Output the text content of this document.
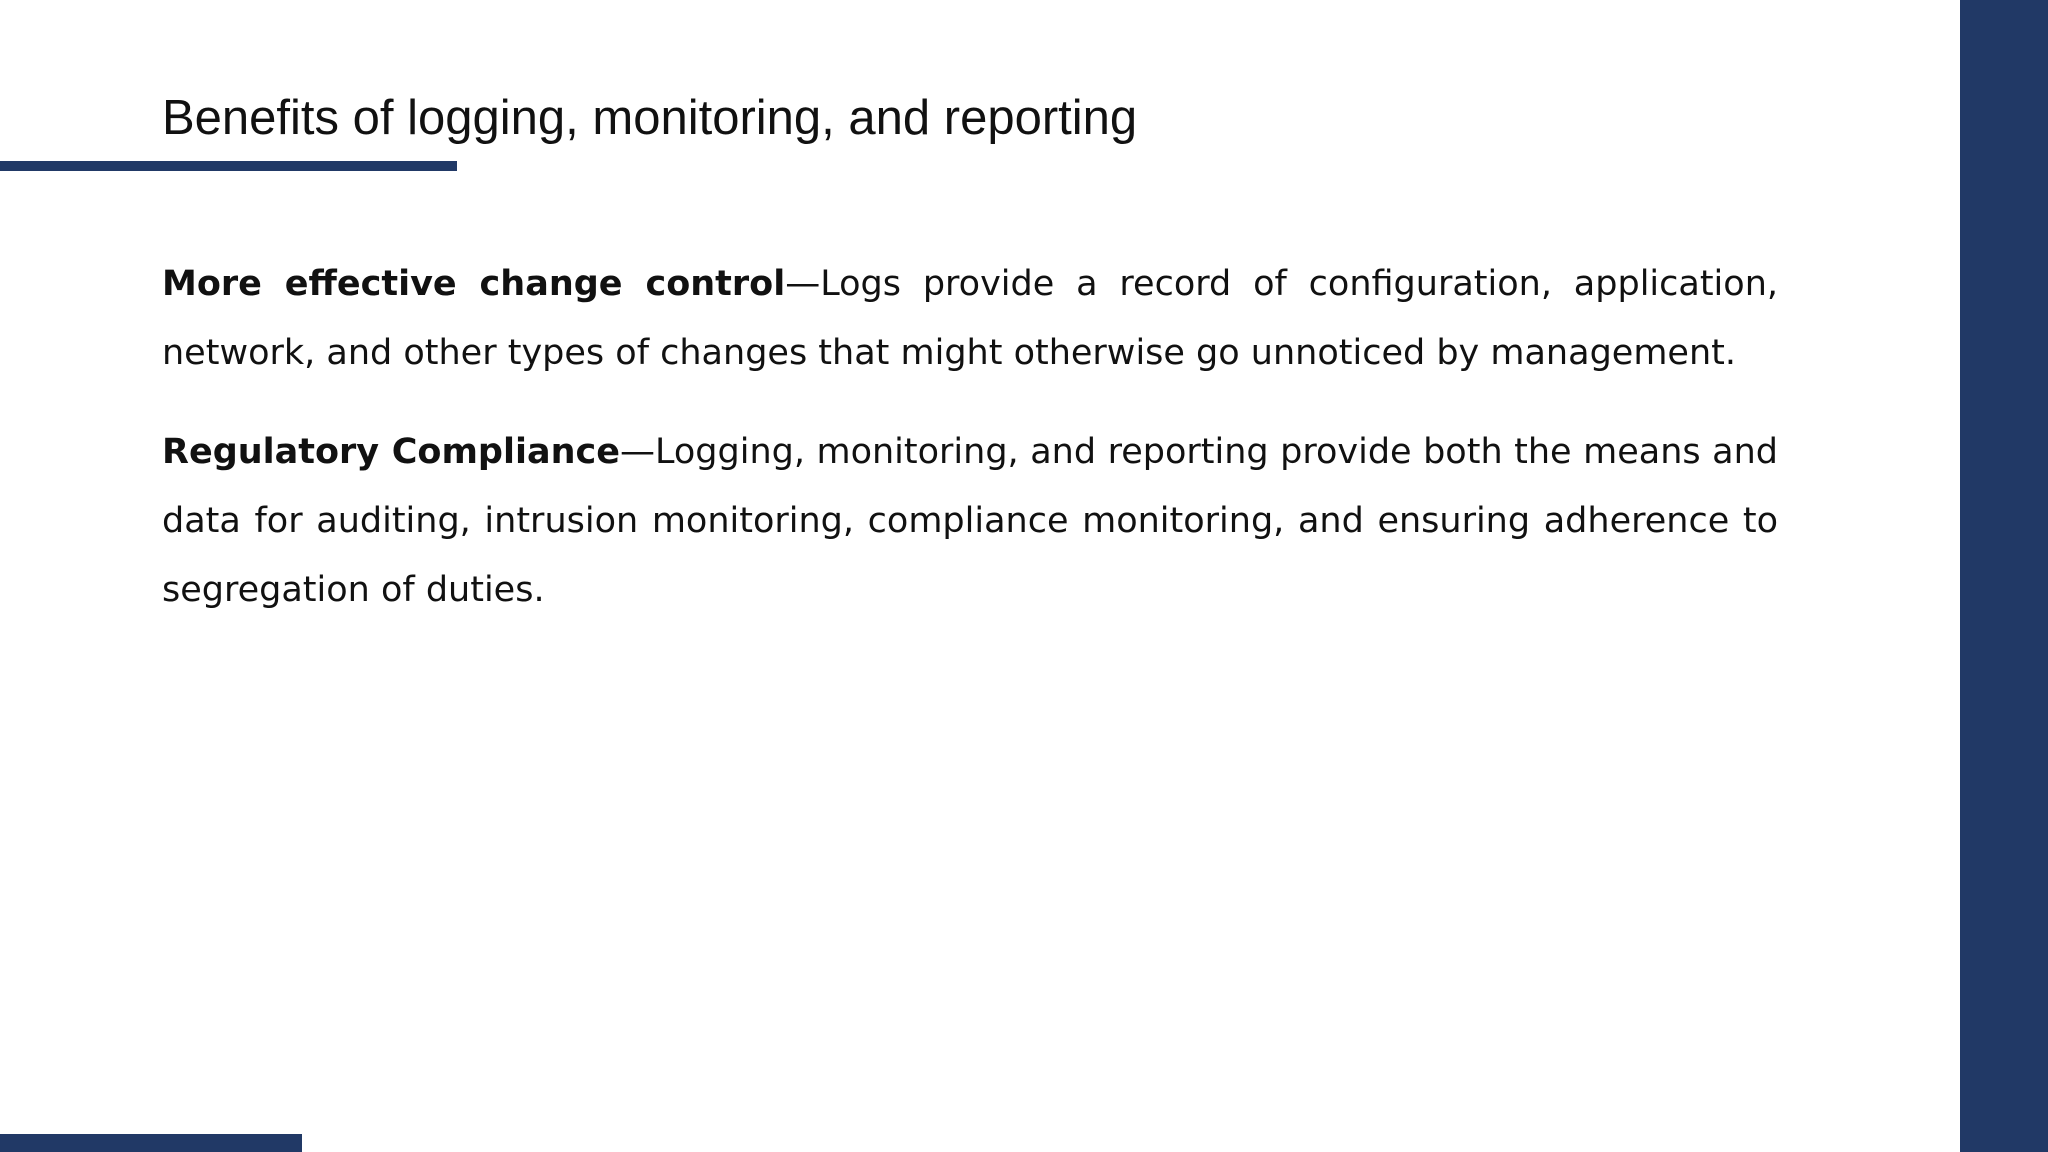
Benefits of logging, monitoring, and reporting

More effective change control—Logs provide a record of configuration, application, network, and other types of changes that might otherwise go unnoticed by management.

Regulatory Compliance—Logging, monitoring, and reporting provide both the means and data for auditing, intrusion monitoring, compliance monitoring, and ensuring adherence to segregation of duties.
